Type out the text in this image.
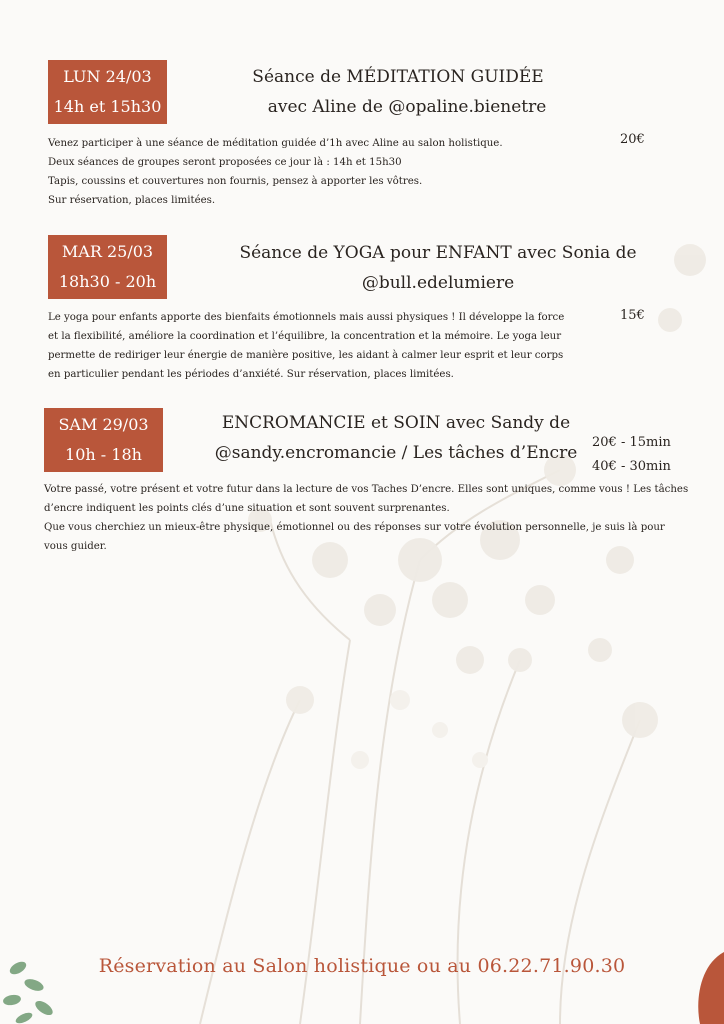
LUN 24/03
14h et 15h30
Séance de MÉDITATION GUIDÉE
avec Aline de @opaline.bienetre
20€
Venez participer à une séance de méditation guidée d’1h avec Aline au salon holistique.
Deux séances de groupes seront proposées ce jour là : 14h et 15h30
Tapis, coussins et couvertures non fournis, pensez à apporter les vôtres.
Sur réservation, places limitées.
MAR 25/03
18h30 - 20h
Séance de YOGA pour ENFANT avec Sonia de
@bull.edelumiere
15€
Le yoga pour enfants apporte des bienfaits émotionnels mais aussi physiques ! Il développe la force
et la flexibilité, améliore la coordination et l’équilibre, la concentration et la mémoire. Le yoga leur
permette de rediriger leur énergie de manière positive, les aidant à calmer leur esprit et leur corps
en particulier pendant les périodes d’anxiété. Sur réservation, places limitées.
SAM 29/03
10h - 18h
ENCROMANCIE et SOIN avec Sandy de
@sandy.encromancie / Les tâches d’Encre
20€ - 15min
40€ - 30min
Votre passé, votre présent et votre futur dans la lecture de vos Taches D’encre. Elles sont uniques, comme vous ! Les tâches
d’encre indiquent les points clés d’une situation et sont souvent surprenantes.
Que vous cherchiez un mieux-être physique, émotionnel ou des réponses sur votre évolution personnelle, je suis là pour
vous guider.
Réservation au Salon holistique ou au 06.22.71.90.30
